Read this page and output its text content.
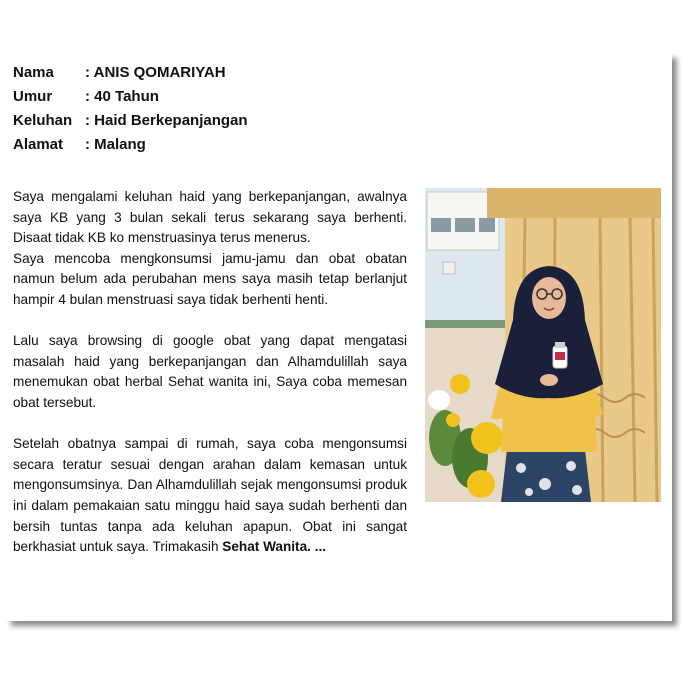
Nama	: ANIS QOMARIYAH
Umur	: 40 Tahun
Keluhan : Haid Berkepanjangan
Alamat	: Malang

Saya mengalami keluhan haid yang berkepanjangan, awalnya saya KB yang 3 bulan sekali terus sekarang saya berhenti. Disaat tidak KB ko menstruasinya terus menerus.

Saya mencoba mengkonsumsi jamu-jamu dan obat obatan namun belum ada perubahan mens saya masih tetap berlanjut hampir 4 bulan menstruasi saya tidak berhenti henti.

Lalu saya browsing di google obat yang dapat mengatasi masalah haid yang berkepanjangan dan Alhamdulillah saya menemukan obat herbal Sehat wanita ini, Saya coba memesan obat tersebut.

Setelah obatnya sampai di rumah, saya coba mengonsumsi secara teratur sesuai dengan arahan dalam kemasan untuk mengonsumsinya. Dan Alhamdulillah sejak mengonsumsi produk ini dalam pemakaian satu minggu haid saya sudah berhenti dan bersih tuntas tanpa ada keluhan apapun. Obat ini sangat berkhasiat untuk saya. Trimakasih Sehat Wanita. ...
